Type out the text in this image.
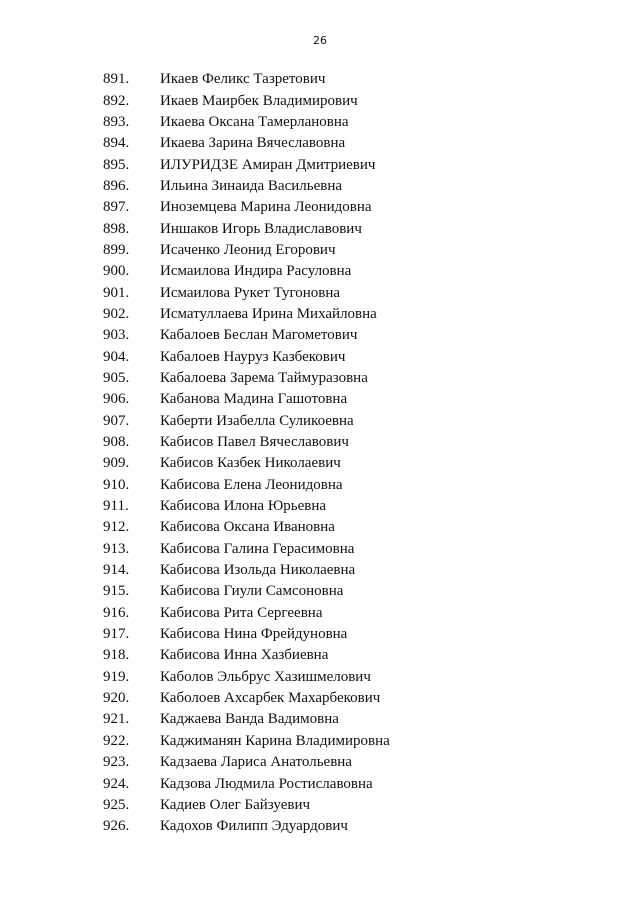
26
891.	Икаев Феликс Тазретович
892.	Икаев Маирбек Владимирович
893.	Икаева Оксана Тамерлановна
894.	Икаева Зарина Вячеславовна
895.	ИЛУРИДЗЕ Амиран Дмитриевич
896.	Ильина Зинаида Васильевна
897.	Иноземцева Марина Леонидовна
898.	Иншаков Игорь Владиславович
899.	Исаченко Леонид Егорович
900.	Исмаилова Индира Расуловна
901.	Исмаилова Рукет Тугоновна
902.	Исматуллаева Ирина Михайловна
903.	Кабалоев Беслан Магометович
904.	Кабалоев Науруз Казбекович
905.	Кабалоева Зарема Таймуразовна
906.	Кабанова Мадина Гашотовна
907.	Каберти Изабелла Суликоевна
908.	Кабисов Павел Вячеславович
909.	Кабисов Казбек Николаевич
910.	Кабисова Елена Леонидовна
911.	Кабисова Илона Юрьевна
912.	Кабисова Оксана Ивановна
913.	Кабисова Галина Герасимовна
914.	Кабисова Изольда Николаевна
915.	Кабисова Гиули Самсоновна
916.	Кабисова Рита Сергеевна
917.	Кабисова Нина Фрейдуновна
918.	Кабисова Инна Хазбиевна
919.	Каболов Эльбрус Хазишмелович
920.	Каболоев Ахсарбек Махарбекович
921.	Каджаева Ванда Вадимовна
922.	Каджиманян Карина Владимировна
923.	Кадзаева Лариса Анатольевна
924.	Кадзова Людмила Ростиславовна
925.	Кадиев Олег Байзуевич
926.	Кадохов Филипп Эдуардович
